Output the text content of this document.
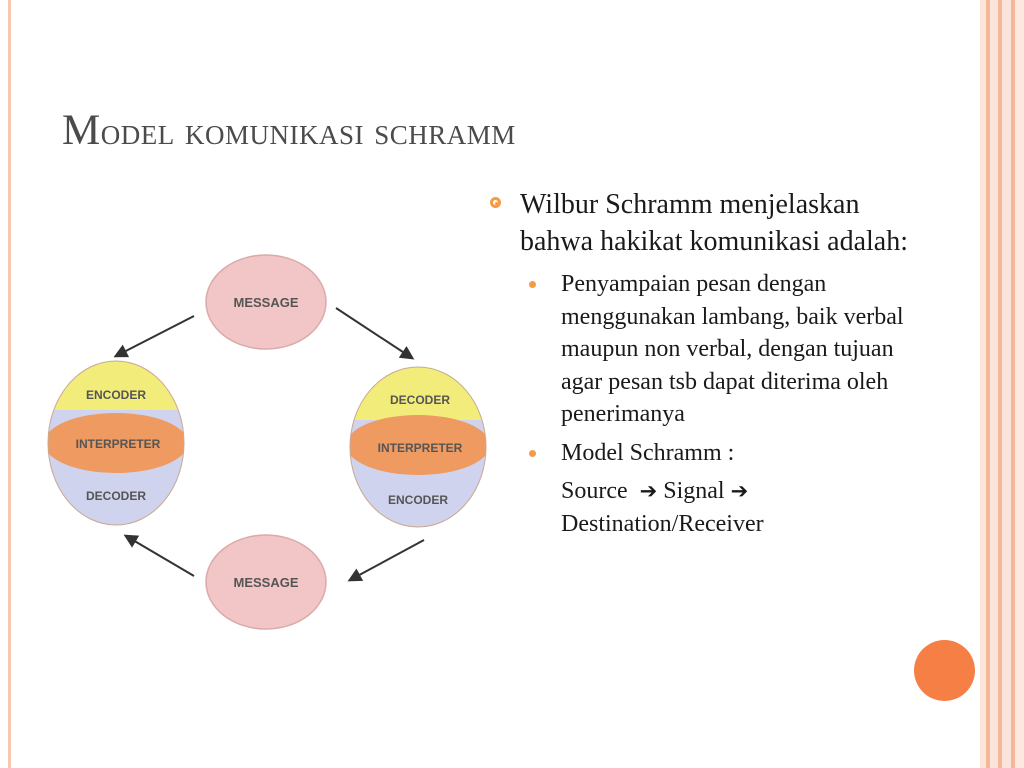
Model komunikasi schramm
MESSAGE
MESSAGE
ENCODER
INTERPRETER
DECODER
DECODER
INTERPRETER
ENCODER
Wilbur Schramm menjelaskan bahwa hakikat komunikasi adalah:
Penyampaian pesan dengan menggunakan lambang, baik verbal maupun non verbal, dengan tujuan agar pesan tsb dapat diterima oleh penerimanya
Model Schramm :
Source ➔ Signal ➔
Destination/Receiver
